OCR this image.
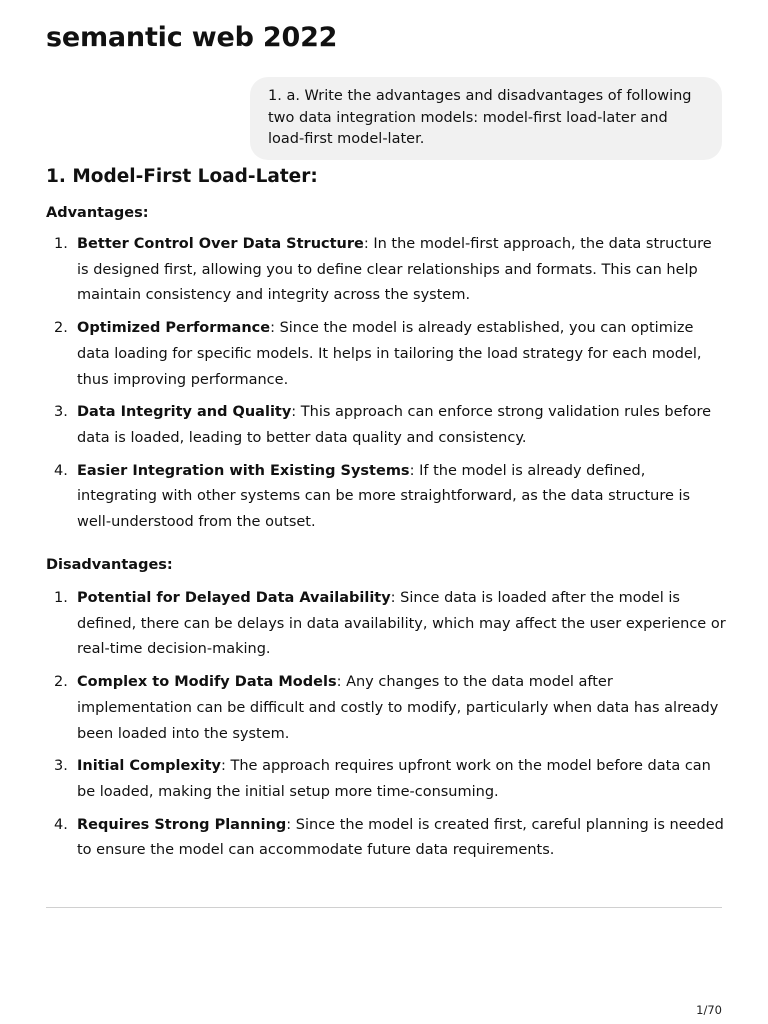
semantic web 2022
1. a. Write the advantages and disadvantages of following two data integration models: model-first load-later and load-first model-later.
1. Model-First Load-Later:
Advantages:
1. Better Control Over Data Structure: In the model-first approach, the data structure is designed first, allowing you to define clear relationships and formats. This can help maintain consistency and integrity across the system.
2. Optimized Performance: Since the model is already established, you can optimize data loading for specific models. It helps in tailoring the load strategy for each model, thus improving performance.
3. Data Integrity and Quality: This approach can enforce strong validation rules before data is loaded, leading to better data quality and consistency.
4. Easier Integration with Existing Systems: If the model is already defined, integrating with other systems can be more straightforward, as the data structure is well-understood from the outset.
Disadvantages:
1. Potential for Delayed Data Availability: Since data is loaded after the model is defined, there can be delays in data availability, which may affect the user experience or real-time decision-making.
2. Complex to Modify Data Models: Any changes to the data model after implementation can be difficult and costly to modify, particularly when data has already been loaded into the system.
3. Initial Complexity: The approach requires upfront work on the model before data can be loaded, making the initial setup more time-consuming.
4. Requires Strong Planning: Since the model is created first, careful planning is needed to ensure the model can accommodate future data requirements.
1/70
